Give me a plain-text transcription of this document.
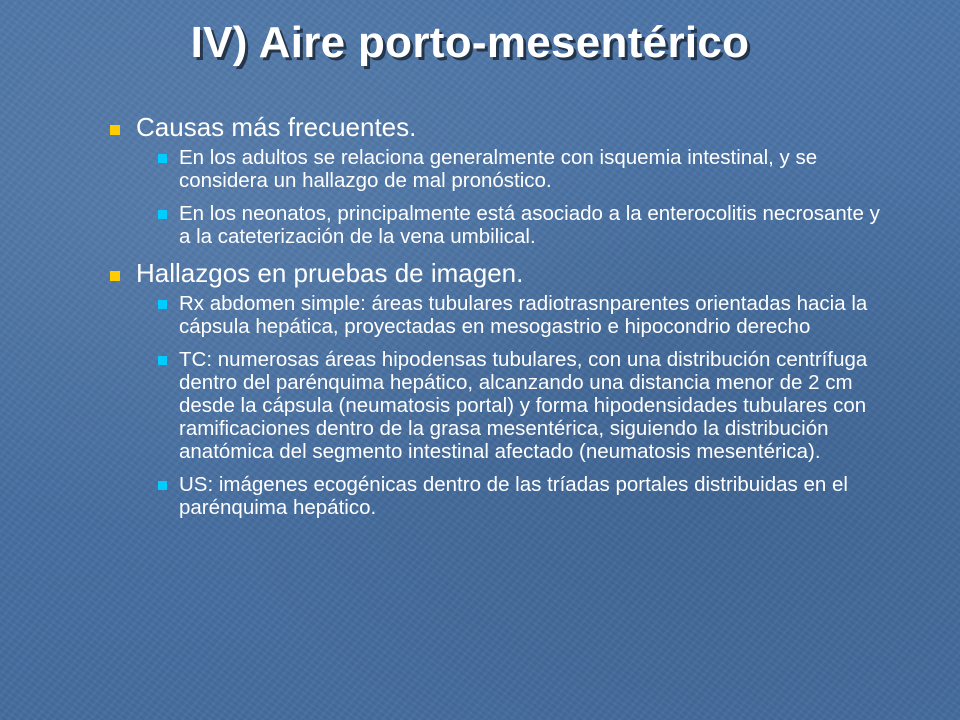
IV) Aire porto-mesentérico
Causas más frecuentes.
En los adultos se relaciona generalmente con isquemia intestinal, y se considera un hallazgo de mal pronóstico.
En los neonatos, principalmente está asociado a la enterocolitis necrosante y a la cateterización de la vena umbilical.
Hallazgos en pruebas de imagen.
Rx abdomen simple: áreas tubulares radiotrasnparentes orientadas hacia la cápsula hepática, proyectadas en mesogastrio e hipocondrio derecho
TC: numerosas áreas hipodensas tubulares, con una distribución centrífuga dentro del parénquima hepático, alcanzando una distancia menor de 2 cm desde la cápsula (neumatosis portal) y forma hipodensidades tubulares con ramificaciones dentro de la grasa mesentérica, siguiendo la distribución anatómica del segmento intestinal afectado (neumatosis mesentérica).
US: imágenes ecogénicas dentro de las tríadas portales distribuidas en el parénquima hepático.
